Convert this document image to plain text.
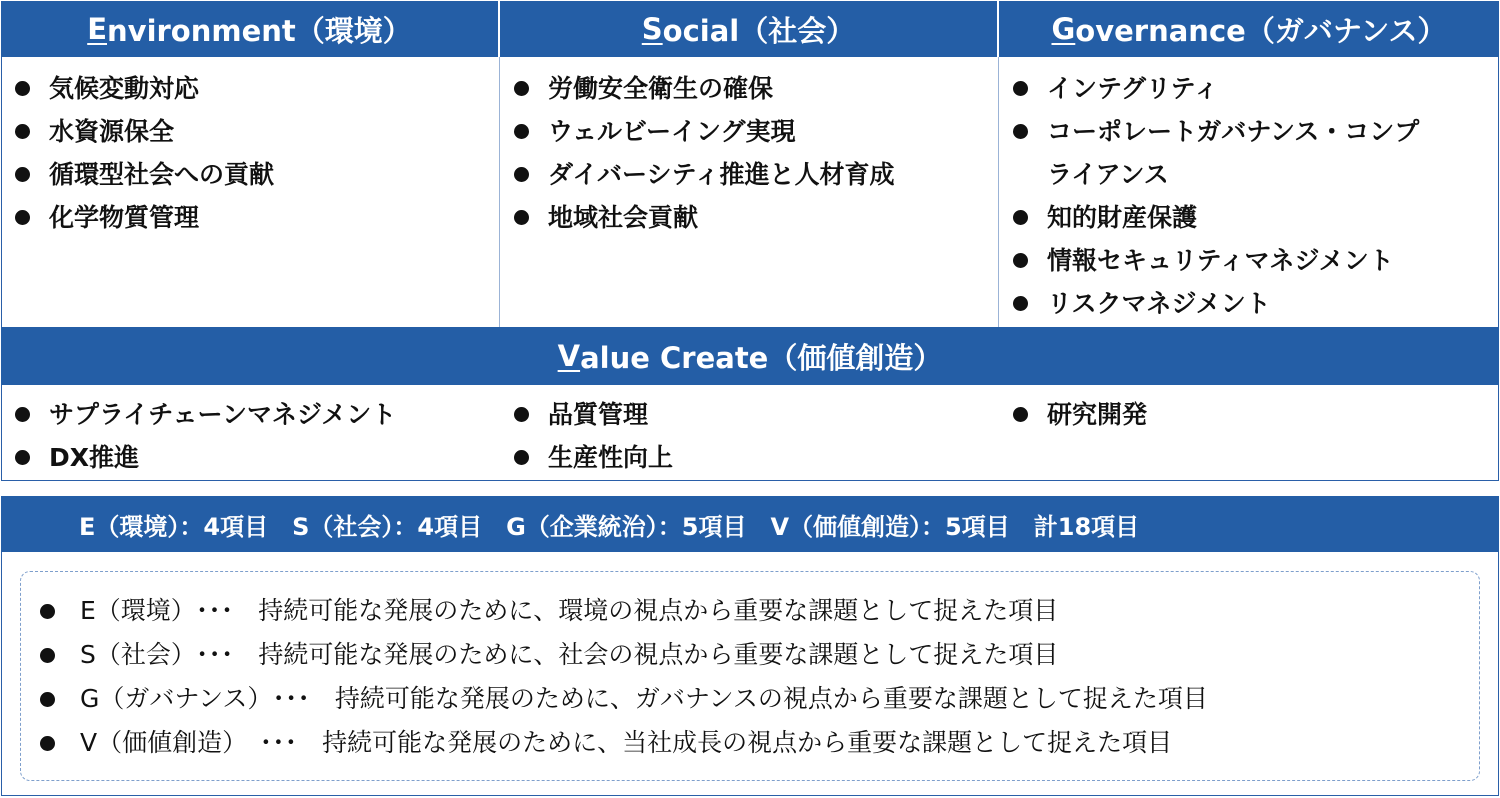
E nvironment（環境）	S ocial（社会）	G overnance（ガバナンス）
気候変動対応
水資源保全
循環型社会への貢献
化学物質管理
労働安全衛生の確保
ウェルビーイング実現
ダイバーシティ推進と人材育成
地域社会貢献
インテグリティ
コーポレートガバナンス・コンプ
ライアンス
知的財産保護
情報セキュリティマネジメント
リスクマネジメント
V alue Create（価値創造）
サプライチェーンマネジメント
DX推進
品質管理
生産性向上
研究開発
E（環境）：4項目　S（社会）：4項目　G（企業統治）：5項目　V（価値創造）：5項目　計18項目
E（環境）･･･　持続可能な発展のために、環境の視点から重要な課題として捉えた項目
S（社会）･･･　持続可能な発展のために、社会の視点から重要な課題として捉えた項目
G（ガバナンス）･･･　持続可能な発展のために、ガバナンスの視点から重要な課題として捉えた項目
V（価値創造）　･･･　持続可能な発展のために、当社成長の視点から重要な課題として捉えた項目
